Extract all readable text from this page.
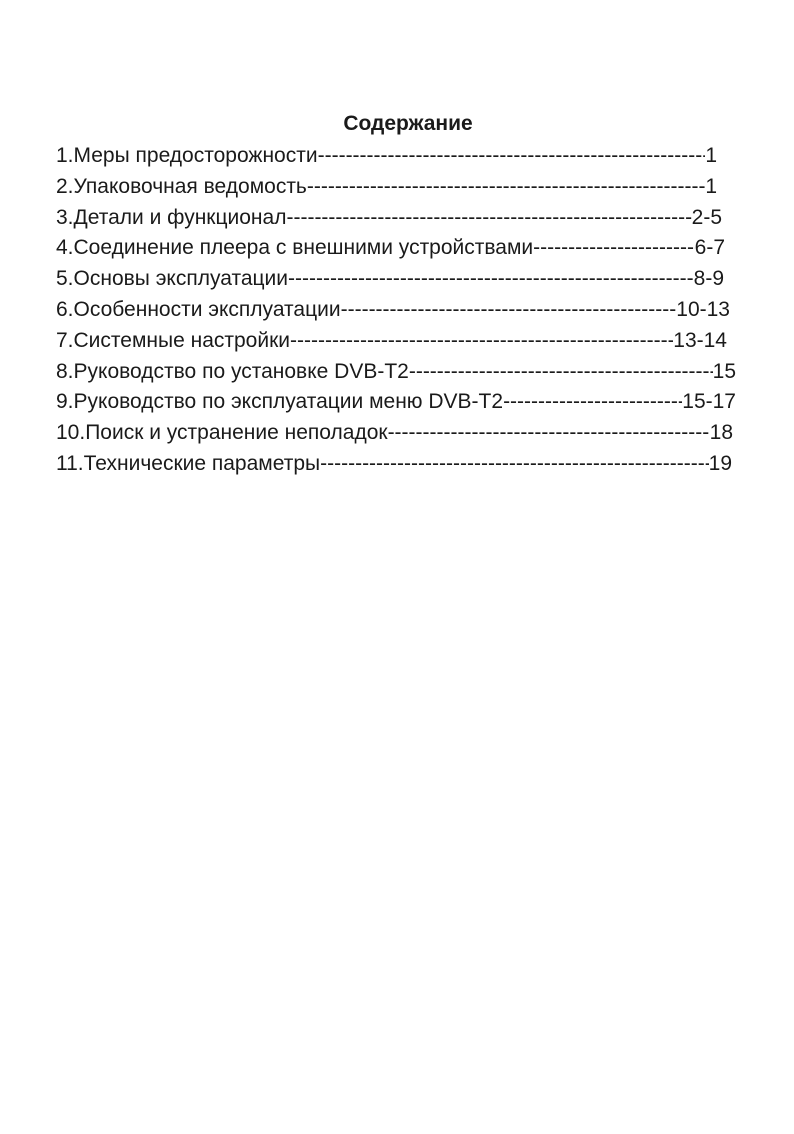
Содержание
1.Меры предосторожности -----	1
2.Упаковочная ведомость -----	1
3.Детали и функционал -----	2-5
4.Соединение плеера с внешними устройствами -----	6-7
5.Основы эксплуатации -----	8-9
6.Особенности эксплуатации -----	10-13
7.Системные настройки -----	13-14
8.Руководство по установке DVB-T2 -----	15
9.Руководство по эксплуатации меню DVB-T2 -----	15-17
10.Поиск и устранение неполадок -----	18
11.Технические параметры -----	19
